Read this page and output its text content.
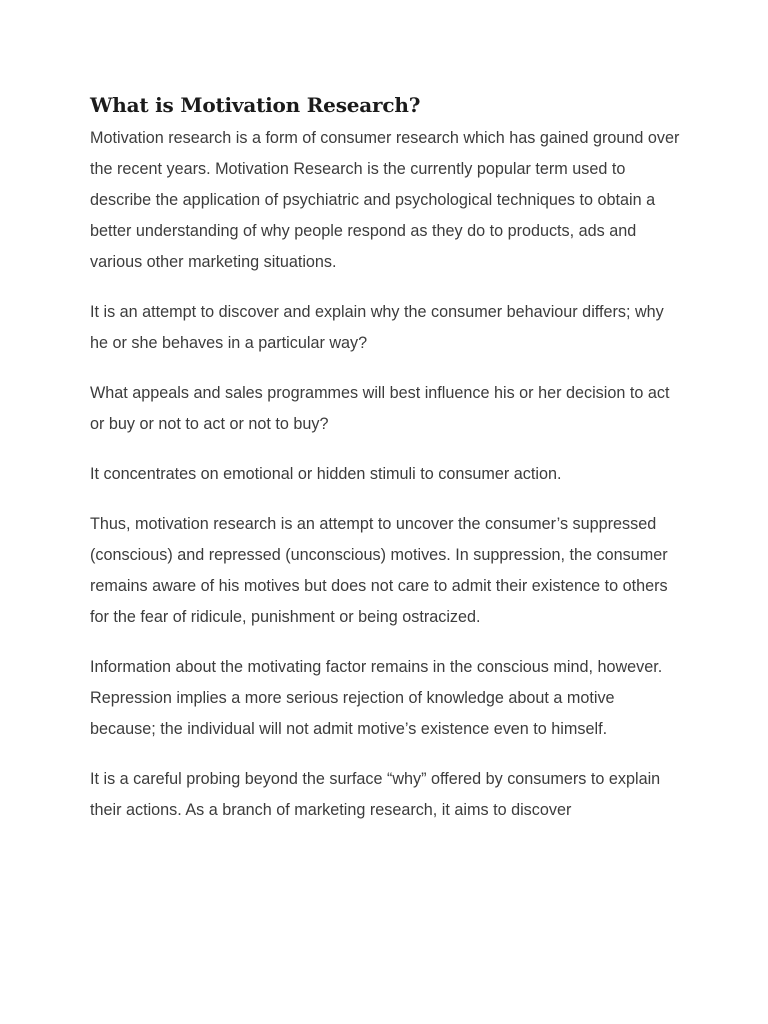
What is Motivation Research?

Motivation research is a form of consumer research which has gained ground over the recent years. Motivation Research is the currently popular term used to describe the application of psychiatric and psychological techniques to obtain a better understanding of why people respond as they do to products, ads and various other marketing situations.

It is an attempt to discover and explain why the consumer behaviour differs; why he or she behaves in a particular way?

What appeals and sales programmes will best influence his or her decision to act or buy or not to act or not to buy?

It concentrates on emotional or hidden stimuli to consumer action.

Thus, motivation research is an attempt to uncover the consumer’s suppressed (conscious) and repressed (unconscious) motives. In suppression, the consumer remains aware of his motives but does not care to admit their existence to others for the fear of ridicule, punishment or being ostracized.

Information about the motivating factor remains in the conscious mind, however. Repression implies a more serious rejection of knowledge about a motive because; the individual will not admit motive’s existence even to himself.

It is a careful probing beyond the surface “why” offered by consumers to explain their actions. As a branch of marketing research, it aims to discover
